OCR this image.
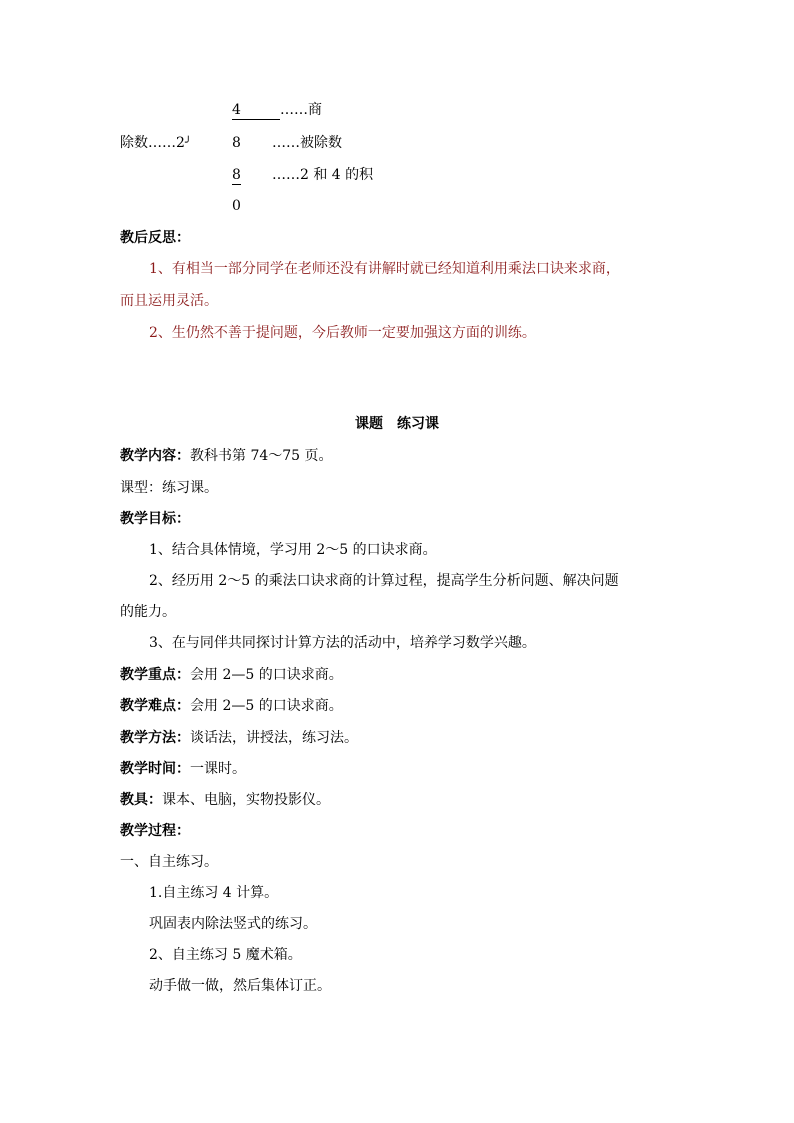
4	……商
除数……2╯	8 ……被除数
8 ……2 和 4 的积
0
教后反思：
1、有相当一部分同学在老师还没有讲解时就已经知道利用乘法口诀来求商，
而且运用灵活。
2、生仍然不善于提问题，今后教师一定要加强这方面的训练。
课题　练习课
教学内容：教科书第 74～75 页。
课型：练习课。
教学目标：
1、结合具体情境，学习用 2～5 的口诀求商。
2、经历用 2～5 的乘法口诀求商的计算过程，提高学生分析问题、解决问题
的能力。
3、在与同伴共同探讨计算方法的活动中，培养学习数学兴趣。
教学重点：会用 2—5 的口诀求商。
教学难点：会用 2—5 的口诀求商。
教学方法：谈话法，讲授法，练习法。
教学时间：一课时。
教具：课本、电脑，实物投影仪。
教学过程：
一、自主练习。
1.自主练习 4 计算。
巩固表内除法竖式的练习。
2、自主练习 5 魔术箱。
动手做一做，然后集体订正。
